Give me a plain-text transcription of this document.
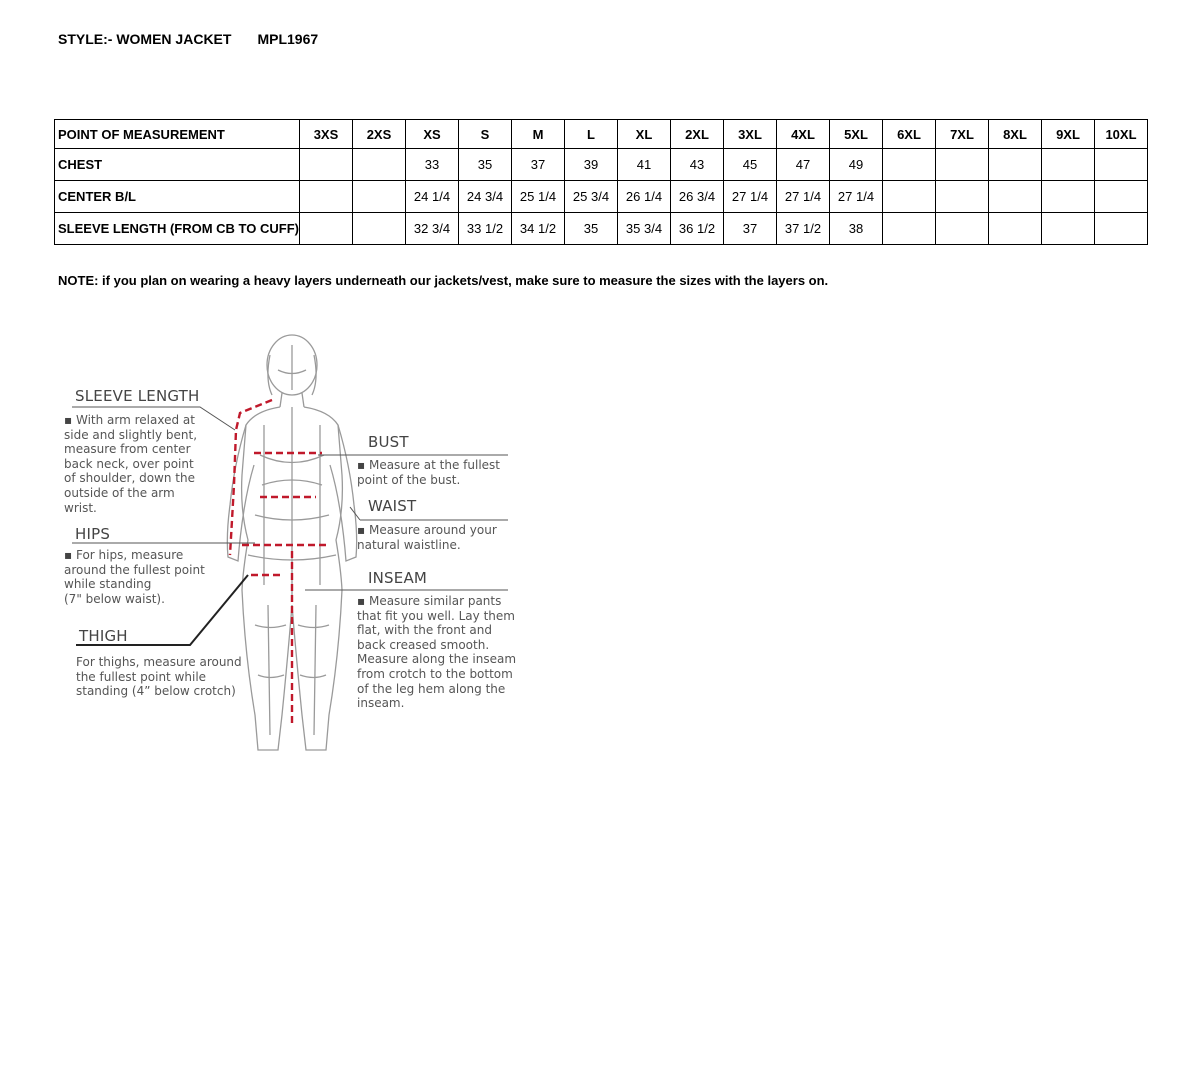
STYLE:- WOMEN JACKET MPL1967
POINT OF MEASUREMENT	3XS	2XS	XS	S	M	L	XL	2XL	3XL	4XL	5XL	6XL	7XL	8XL	9XL	10XL
CHEST			33	35	37	39	41	43	45	47	49					
CENTER B/L			24 1/4	24 3/4	25 1/4	25 3/4	26 1/4	26 3/4	27 1/4	27 1/4	27 1/4					
SLEEVE LENGTH (FROM CB TO CUFF)			32 3/4	33 1/2	34 1/2	35	35 3/4	36 1/2	37	37 1/2	38					
NOTE: if you plan on wearing a heavy layers underneath our jackets/vest, make sure to measure the sizes with the layers on.
SLEEVE LENGTH
▪ With arm relaxed at
side and slightly bent,
measure from center
back neck, over point
of shoulder, down the
outside of the arm
wrist.
HIPS
▪ For hips, measure
around the fullest point
while standing
(7" below waist).
THIGH
For thighs, measure around
the fullest point while
standing (4” below crotch)
BUST
▪ Measure at the fullest
point of the bust.
WAIST
▪ Measure around your
natural waistline.
INSEAM
▪ Measure similar pants
that fit you well. Lay them
flat, with the front and
back creased smooth.
Measure along the inseam
from crotch to the bottom
of the leg hem along the
inseam.
